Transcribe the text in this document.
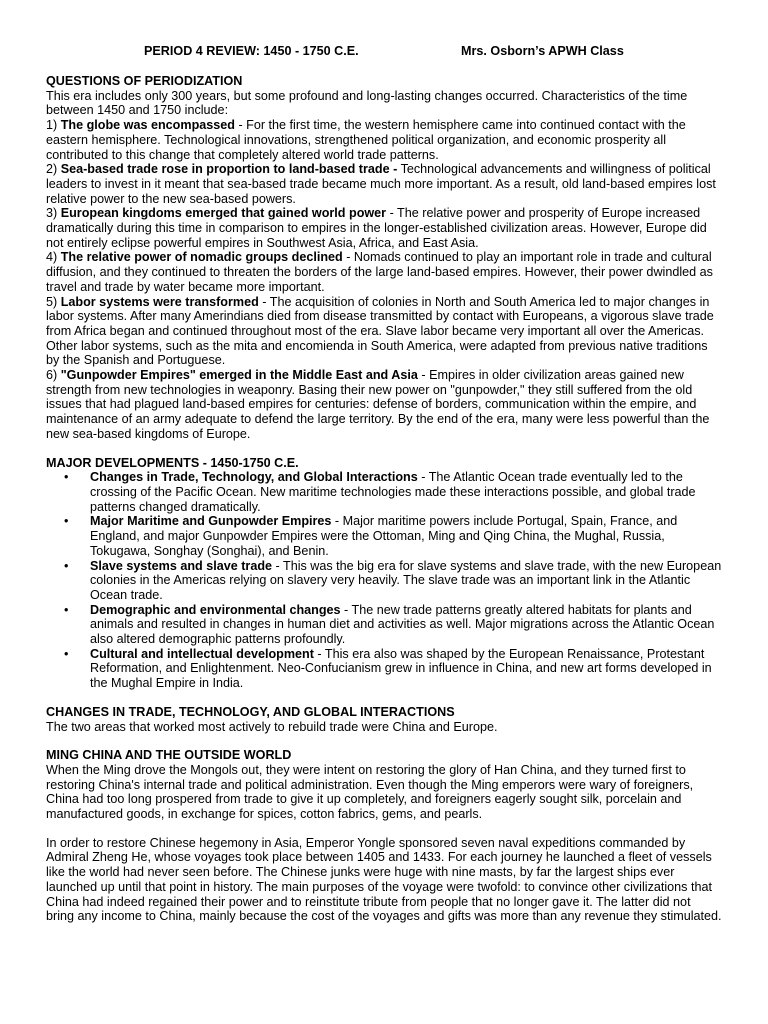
PERIOD 4 REVIEW: 1450 - 1750 C.E.	Mrs. Osborn’s APWH Class
QUESTIONS OF PERIODIZATION

This era includes only 300 years, but some profound and long-lasting changes occurred. Characteristics of the time between 1450 and 1750 include:

1) The globe was encompassed - For the first time, the western hemisphere came into continued contact with the eastern hemisphere. Technological innovations, strengthened political organization, and economic prosperity all contributed to this change that completely altered world trade patterns.

2) Sea-based trade rose in proportion to land-based trade - Technological advancements and willingness of political leaders to invest in it meant that sea-based trade became much more important. As a result, old land-based empires lost relative power to the new sea-based powers.

3) European kingdoms emerged that gained world power - The relative power and prosperity of Europe increased dramatically during this time in comparison to empires in the longer-established civilization areas. However, Europe did not entirely eclipse powerful empires in Southwest Asia, Africa, and East Asia.

4) The relative power of nomadic groups declined - Nomads continued to play an important role in trade and cultural diffusion, and they continued to threaten the borders of the large land-based empires. However, their power dwindled as travel and trade by water became more important.

5) Labor systems were transformed - The acquisition of colonies in North and South America led to major changes in labor systems. After many Amerindians died from disease transmitted by contact with Europeans, a vigorous slave trade from Africa began and continued throughout most of the era. Slave labor became very important all over the Americas. Other labor systems, such as the mita and encomienda in South America, were adapted from previous native traditions by the Spanish and Portuguese.

6) "Gunpowder Empires" emerged in the Middle East and Asia - Empires in older civilization areas gained new strength from new technologies in weaponry. Basing their new power on "gunpowder," they still suffered from the old issues that had plagued land-based empires for centuries: defense of borders, communication within the empire, and maintenance of an army adequate to defend the large territory. By the end of the era, many were less powerful than the new sea-based kingdoms of Europe.

MAJOR DEVELOPMENTS - 1450-1750 C.E.
• Changes in Trade, Technology, and Global Interactions - The Atlantic Ocean trade eventually led to the crossing of the Pacific Ocean. New maritime technologies made these interactions possible, and global trade patterns changed dramatically.
• Major Maritime and Gunpowder Empires - Major maritime powers include Portugal, Spain, France, and England, and major Gunpowder Empires were the Ottoman, Ming and Qing China, the Mughal, Russia, Tokugawa, Songhay (Songhai), and Benin.
• Slave systems and slave trade - This was the big era for slave systems and slave trade, with the new European colonies in the Americas relying on slavery very heavily. The slave trade was an important link in the Atlantic Ocean trade.
• Demographic and environmental changes - The new trade patterns greatly altered habitats for plants and animals and resulted in changes in human diet and activities as well. Major migrations across the Atlantic Ocean also altered demographic patterns profoundly.
• Cultural and intellectual development - This era also was shaped by the European Renaissance, Protestant Reformation, and Enlightenment. Neo-Confucianism grew in influence in China, and new art forms developed in the Mughal Empire in India.
CHANGES IN TRADE, TECHNOLOGY, AND GLOBAL INTERACTIONS

The two areas that worked most actively to rebuild trade were China and Europe.

MING CHINA AND THE OUTSIDE WORLD

When the Ming drove the Mongols out, they were intent on restoring the glory of Han China, and they turned first to restoring China's internal trade and political administration. Even though the Ming emperors were wary of foreigners, China had too long prospered from trade to give it up completely, and foreigners eagerly sought silk, porcelain and manufactured goods, in exchange for spices, cotton fabrics, gems, and pearls.

In order to restore Chinese hegemony in Asia, Emperor Yongle sponsored seven naval expeditions commanded by Admiral Zheng He, whose voyages took place between 1405 and 1433. For each journey he launched a fleet of vessels like the world had never seen before. The Chinese junks were huge with nine masts, by far the largest ships ever launched up until that point in history. The main purposes of the voyage were twofold: to convince other civilizations that China had indeed regained their power and to reinstitute tribute from people that no longer gave it. The latter did not bring any income to China, mainly because the cost of the voyages and gifts was more than any revenue they stimulated.
